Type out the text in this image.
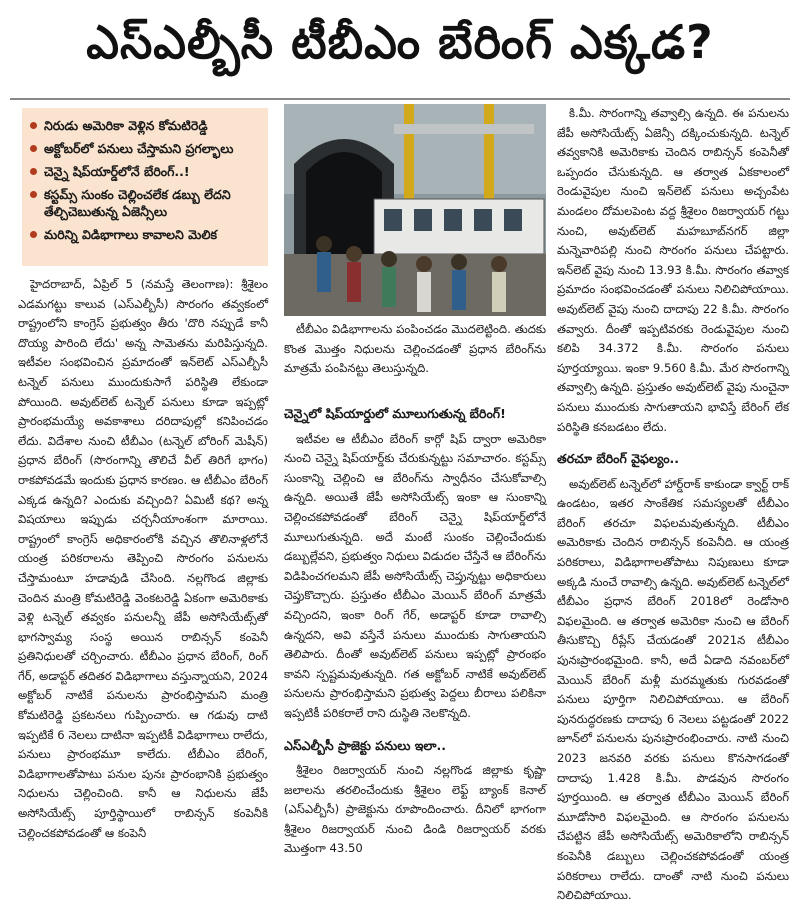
ఎస్ఎల్బీసీ టీబీఎం బేరింగ్ ఎక్కడ?
నిరుడు అమెరికా వెళ్లిన కోమటిరెడ్డి
అక్టోబర్‌లో పనులు చేస్తామని ప్రగల్భాలు
చెన్నై షిప్‌యార్డ్‌లోనే బేరింగ్..!
కస్టమ్స్ సుంకం చెల్లించలేక డబ్బు లేదని తేల్చిచెబుతున్న ఏజెన్సీలు
మరిన్ని విడిభాగాలు కావాలని మెలిక

హైదరాబాద్, ఏప్రిల్ 5 (నమస్తే తెలంగాణ): శ్రీశైలం ఎడమగట్టు కాలువ (ఎస్ఎల్బీసీ) సొరంగం తవ్వకంలో రాష్ట్రంలోని కాంగ్రెస్ ప్రభుత్వం తీరు 'దొరి నప్పుడే కానీ దొయ్య పారింది లేదు' అన్న సామెతను మరిపిస్తున్నది. ఇటీవల సంభవించిన ప్రమాదంతో ఇన్‌లెట్ ఎస్ఎల్బీసీ టన్నెల్ పనులు ముందుకుసాగే పరిస్థితి లేకుండా పోయింది. అవుట్‌లెట్ టన్నెల్ పనులు కూడా ఇప్పట్లో ప్రారంభమయ్యే అవకాశాలు దరిదాపుల్లో కనిపించడం లేదు. విదేశాల నుంచి టీబీఎం (టన్నెల్ బోరింగ్ మెషీన్) ప్రధాన బేరింగ్ (సొరంగాన్ని తొలిచే వీల్ తిరిగే భాగం) రాకపోవడమే ఇందుకు ప్రధాన కారణం. ఆ టీబీఎం బేరింగ్ ఎక్కడ ఉన్నది? ఎందుకు వచ్చింది? ఏమిటీ కథ? అన్న విషయాలు ఇప్పుడు చర్చనీయాంశంగా మారాయి. రాష్ట్రంలో కాంగ్రెస్ అధికారంలోకి వచ్చిన తొలినాళ్లలోనే యంత్ర పరికరాలను తెప్పించి సొరంగం పనులను చేస్తామంటూ హడావుడి చేసింది. నల్లగొండ జిల్లాకు చెందిన మంత్రి కోమటిరెడ్డి వెంకటరెడ్డి ఏకంగా అమెరికాకు వెళ్లి టన్నెల్ తవ్వకం పనులన్నీ జేపీ అసోసియేట్స్‌తో భాగస్వామ్య సంస్థ అయిన రాబిన్సన్ కంపెనీ ప్రతినిధులతో చర్చించారు. టీబీఎం ప్రధాన బేరింగ్, రింగ్ గేర్, అడాప్టర్ తదితర విడిభాగాలు వస్తున్నాయని, 2024 అక్టోబర్ నాటికే పనులను ప్రారంభిస్తామని మంత్రి కోమటిరెడ్డి ప్రకటనలు గుప్పించారు. ఆ గడువు దాటి ఇప్పటికే 6 నెలలు దాటినా ఇప్పటికీ విడిభాగాలు రాలేదు, పనులు ప్రారంభమూ కాలేదు. టీబీఎం బేరింగ్, విడిభాగాలతోపాటు పనుల పునః ప్రారంభానికి ప్రభుత్వం నిధులను చెల్లించింది. కానీ ఆ నిధులను జేపీ అసోసియేట్స్ పూర్తిస్థాయిలో రాబిన్సన్ కంపెనీకి చెల్లించకపోవడంతో ఆ కంపెనీ

టీబీఎం విడిభాగాలను పంపించడం మొదలెట్టింది. తుదకు కొంత మొత్తం నిధులను చెల్లించడంతో ప్రధాన బేరింగ్‌ను మాత్రమే పంపినట్టు తెలుస్తున్నది.

చెన్నైలో షిప్‌యార్డులో మూలుగుతున్న బేరింగ్!

ఇటీవల ఆ టీబీఎం బేరింగ్ కార్గో షిప్ ద్వారా అమెరికా నుంచి చెన్నై షిప్‌యార్డ్‌కు చేరుకున్నట్టు సమాచారం. కస్టమ్స్ సుంకాన్ని చెల్లించి ఆ బేరింగ్‌ను స్వాధీనం చేసుకోవాల్సి ఉన్నది. అయితే జేపీ అసోసియేట్స్ ఇంకా ఆ సుంకాన్ని చెల్లించకపోవడంతో బేరింగ్ చెన్నై షిప్‌యార్డ్‌లోనే మూలుగుతున్నది. అదే మంటే సుంకం చెల్లించేందుకు డబ్బుల్లేవని, ప్రభుత్వం నిధులు విడుదల చేస్తేనే ఆ బేరింగ్‌ను విడిపించగలమని జేపీ అసోసియేట్స్ చెప్తున్నట్టు అధికారులు చెప్తుకొచ్చారు. ప్రస్తుతం టీబీఎం మెయిన్ బేరింగ్ మాత్రమే వచ్చిందని, ఇంకా రింగ్ గేర్, అడాప్టర్ కూడా రావాల్సి ఉన్నదని, అవి వస్తేనే పనులు ముందుకు సాగుతాయని తెలిపారు. దీంతో అవుట్‌లెట్ పనులు ఇప్పట్లో ప్రారంభం కావని స్పష్టమవుతున్నది. గత అక్టోబర్ నాటికే అవుట్‌లెట్ పనులను ప్రారంభిస్తామని ప్రభుత్వ పెద్దలు బీరాలు పలికినా ఇప్పటికీ పరికరాలే రాని దుస్థితి నెలకొన్నది.

ఎస్ఎల్బీసీ ప్రాజెక్టు పనులు ఇలా..

శ్రీశైలం రిజర్వాయర్ నుంచి నల్లగొండ జిల్లాకు కృష్ణా జలాలను తరలించేందుకు శ్రీశైలం లెఫ్ట్ బ్యాంక్ కెనాల్ (ఎస్ఎల్బీసీ) ప్రాజెక్టును రూపొందించారు. దీనిలో భాగంగా శ్రీశైలం రిజర్వాయర్ నుంచి డిండి రిజర్వాయర్ వరకు మొత్తంగా 43.50

కి.మీ. సొరంగాన్ని తవ్వాల్సి ఉన్నది. ఈ పనులను జేపీ అసోసియేట్స్ ఏజెన్సీ దక్కించుకున్నది. టన్నెల్ తవ్వకానికి అమెరికాకు చెందిన రాబిన్సన్ కంపెనీతో ఒప్పందం చేసుకున్నది. ఆ తర్వాత ఏకకాలంలో రెండువైపుల నుంచి ఇన్‌లెట్ పనులు అచ్చంపేట మండలం దోమలపెంట వద్ద శ్రీశైలం రిజర్వాయర్ గట్టు నుంచి, అవుట్‌లెట్ మహబూబ్‌నగర్ జిల్లా మన్నెవారిపల్లి నుంచి సొరంగం పనులు చేపట్టారు. ఇన్‌లెట్ వైపు నుంచి 13.93 కి.మీ. సొరంగం తవ్వాక ప్రమాదం సంభవించడంతో పనులు నిలిచిపోయాయి. అవుట్‌లెట్ వైపు నుంచి దాదాపు 22 కి.మీ. సొరంగం తవ్వారు. దీంతో ఇప్పటివరకు రెండువైపుల నుంచి కలిపి 34.372 కి.మీ. సొరంగం పనులు పూర్తయ్యాయి. ఇంకా 9.560 కి.మీ. మేర సొరంగాన్ని తవ్వాల్సి ఉన్నది. ప్రస్తుతం అవుట్‌లెట్ వైపు నుంచైనా పనులు ముందుకు సాగుతాయని భావిస్తే బేరింగ్ లేక పరిస్థితి కనబడటం లేదు.

తరచూ బేరింగ్ వైఫల్యం..

అవుట్‌లెట్ టన్నెల్‌లో హార్డ్‌రాక్ కాకుండా క్వార్ట్ రాక్ ఉండటం, ఇతర సాంకేతిక సమస్యలతో టీబీఎం బేరింగ్ తరచూ విఫలమవుతున్నది. టీబీఎం అమెరికాకు చెందిన రాబిన్సన్ కంపెనీది. ఆ యంత్ర పరికరాలు, విడిభాగాలతోపాటు నిపుణులు కూడా అక్కడి నుంచే రావాల్సి ఉన్నది. అవుట్‌లెట్ టన్నెల్‌లో టీబీఎం ప్రధాన బేరింగ్ 2018లో రెండోసారి విఫలమైంది. ఆ తర్వాత అమెరికా నుంచి ఆ బేరింగ్ తీసుకొచ్చి రీప్లేస్ చేయడంతో 2021న టీబీఎం పునఃప్రారంభమైంది. కానీ, అదే ఏడాది నవంబర్‌లో మెయిన్ బేరింగ్ మళ్లీ మరమ్మతుకు గురవడంతో పనులు పూర్తిగా నిలిచిపోయాయి. ఆ బేరింగ్ పునరుద్ధరణకు దాదాపు 6 నెలలు పట్టడంతో 2022 జూన్‌లో పనులను పునఃప్రారంభించారు. నాటి నుంచి 2023 జనవరి వరకు పనులు కొనసాగడంతో దాదాపు 1.428 కి.మీ. పొడవున సొరంగం పూర్తయింది. ఆ తర్వాత టీబీఎం మెయిన్ బేరింగ్ మూడోసారి విఫలమైంది. ఆ సొరంగం పనులను చేపట్టిన జేపీ అసోసియేట్స్ అమెరికాలోని రాబిన్సన్ కంపెనీకి డబ్బులు చెల్లించకపోవడంతో యంత్ర పరికరాలు రాలేదు. దాంతో నాటి నుంచి పనులు నిలిచిపోయాయి.
